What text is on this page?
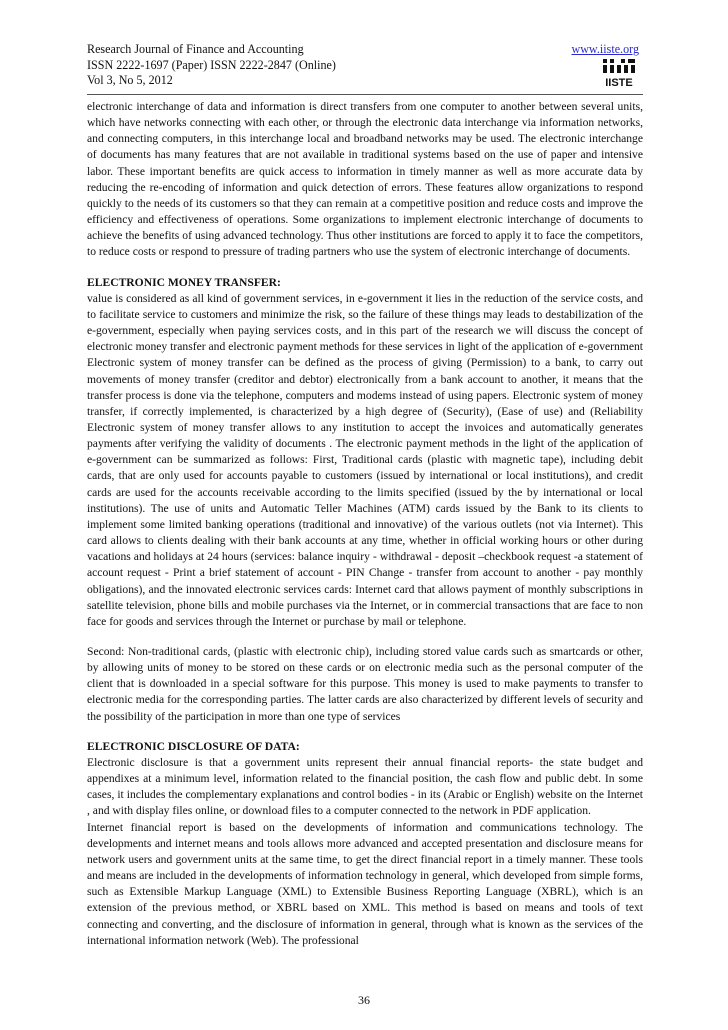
Research Journal of Finance and Accounting
ISSN 2222-1697 (Paper) ISSN 2222-2847 (Online)
Vol 3, No 5, 2012
www.iiste.org
IISTE

electronic interchange of data and information is direct transfers from one computer to another between several units, which have networks connecting with each other, or through the electronic data interchange via information networks, and connecting computers, in this interchange local and broadband networks may be used. The electronic interchange of documents has many features that are not available in traditional systems based on the use of paper and intensive labor. These important benefits are quick access to information in timely manner as well as more accurate data by reducing the re-encoding of information and quick detection of errors. These features allow organizations to respond quickly to the needs of its customers so that they can remain at a competitive position and reduce costs and improve the efficiency and effectiveness of operations. Some organizations to implement electronic interchange of documents to achieve the benefits of using advanced technology. Thus other institutions are forced to apply it to face the competitors, to reduce costs or respond to pressure of trading partners who use the system of electronic interchange of documents.

ELECTRONIC MONEY TRANSFER:

value is considered as all kind of government services, in e-government it lies in the reduction of the service costs, and to facilitate service to customers and minimize the risk, so the failure of these things may leads to destabilization of the e-government, especially when paying services costs, and in this part of the research we will discuss the concept of electronic money transfer and electronic payment methods for these services in light of the application of e-government Electronic system of money transfer can be defined as the process of giving (Permission) to a bank, to carry out movements of money transfer (creditor and debtor) electronically from a bank account to another, it means that the transfer process is done via the telephone, computers and modems instead of using papers. Electronic system of money transfer, if correctly implemented, is characterized by a high degree of (Security), (Ease of use) and (Reliability Electronic system of money transfer allows to any institution to accept the invoices and automatically generates payments after verifying the validity of documents . The electronic payment methods in the light of the application of e-government can be summarized as follows: First, Traditional cards (plastic with magnetic tape), including debit cards, that are only used for accounts payable to customers (issued by international or local institutions), and credit cards are used for the accounts receivable according to the limits specified (issued by the by international or local institutions). The use of units and Automatic Teller Machines (ATM) cards issued by the Bank to its clients to implement some limited banking operations (traditional and innovative) of the various outlets (not via Internet). This card allows to clients dealing with their bank accounts at any time, whether in official working hours or other during vacations and holidays at 24 hours (services: balance inquiry - withdrawal - deposit –checkbook request -a statement of account request - Print a brief statement of account - PIN Change - transfer from account to another - pay monthly obligations), and the innovated electronic services cards: Internet card that allows payment of monthly subscriptions in satellite television, phone bills and mobile purchases via the Internet, or in commercial transactions that are face to non face for goods and services through the Internet or purchase by mail or telephone.

Second: Non-traditional cards, (plastic with electronic chip), including stored value cards such as smartcards or other, by allowing units of money to be stored on these cards or on electronic media such as the personal computer of the client that is downloaded in a special software for this purpose. This money is used to make payments to transfer to electronic media for the corresponding parties. The latter cards are also characterized by different levels of security and the possibility of the participation in more than one type of services

ELECTRONIC DISCLOSURE OF DATA:

Electronic disclosure is that a government units represent their annual financial reports- the state budget and appendixes at a minimum level, information related to the financial position, the cash flow and public debt. In some cases, it includes the complementary explanations and control bodies - in its (Arabic or English) website on the Internet , and with display files online, or download files to a computer connected to the network in PDF application.

Internet financial report is based on the developments of information and communications technology. The developments and internet means and tools allows more advanced and accepted presentation and disclosure means for network users and government units at the same time, to get the direct financial report in a timely manner. These tools and means are included in the developments of information technology in general, which developed from simple forms, such as Extensible Markup Language (XML) to Extensible Business Reporting Language (XBRL), which is an extension of the previous method, or XBRL based on XML. This method is based on means and tools of text connecting and converting, and the disclosure of information in general, through what is known as the services of the international information network (Web). The professional

36
